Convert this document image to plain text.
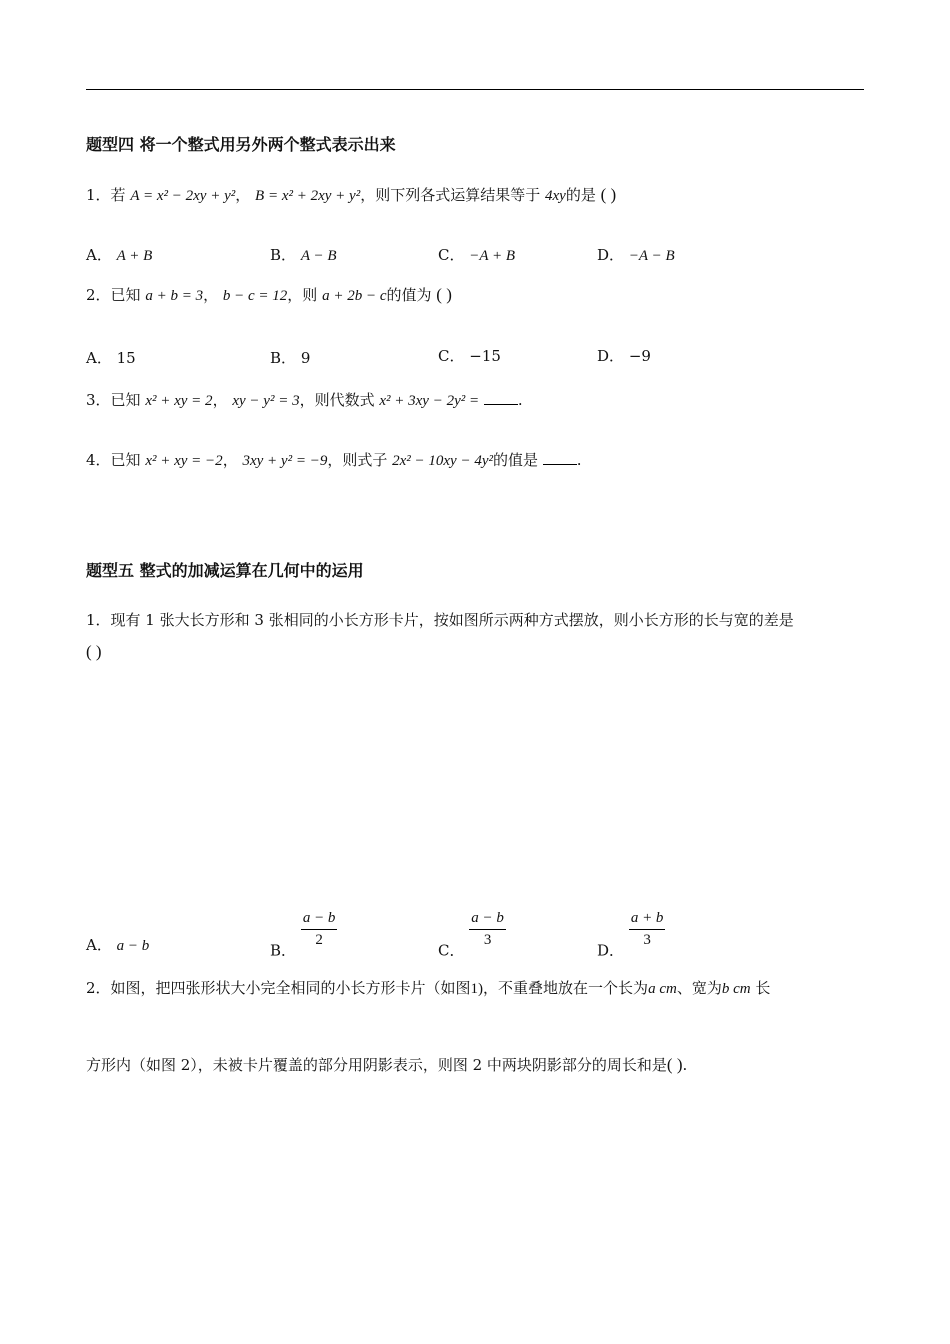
题型四 将一个整式用另外两个整式表示出来
1．若 A = x² − 2xy + y²， B = x² + 2xy + y²，则下列各式运算结果等于 4xy的是 ( )
A． A + B	B． A − B	C． −A + B	D． −A − B
2．已知 a + b = 3， b − c = 12，则 a + 2b − c的值为 ( )
A． 15	B． 9	C． −15	D． −9
3．已知 x² + xy = 2， xy − y² = 3，则代数式 x² + 3xy − 2y² =	.
4．已知 x² + xy = −2， 3xy + y² = −9，则式子 2x² − 10xy − 4y²的值是	.
题型五 整式的加减运算在几何中的运用
1．现有 1 张大长方形和 3 张相同的小长方形卡片，按如图所示两种方式摆放，则小长方形的长与宽的差是
( )
A． a − b	B．
$\frac{a - b}{2}$
C．
$\frac{a - b}{3}$
D．
$\frac{a + b}{3}$
2．如图，把四张形状大小完全相同的小长方形卡片（如图1)，不重叠地放在一个长为a cm、宽为b cm 长
方形内（如图 2），未被卡片覆盖的部分用阴影表示，则图 2 中两块阴影部分的周长和是( ).
